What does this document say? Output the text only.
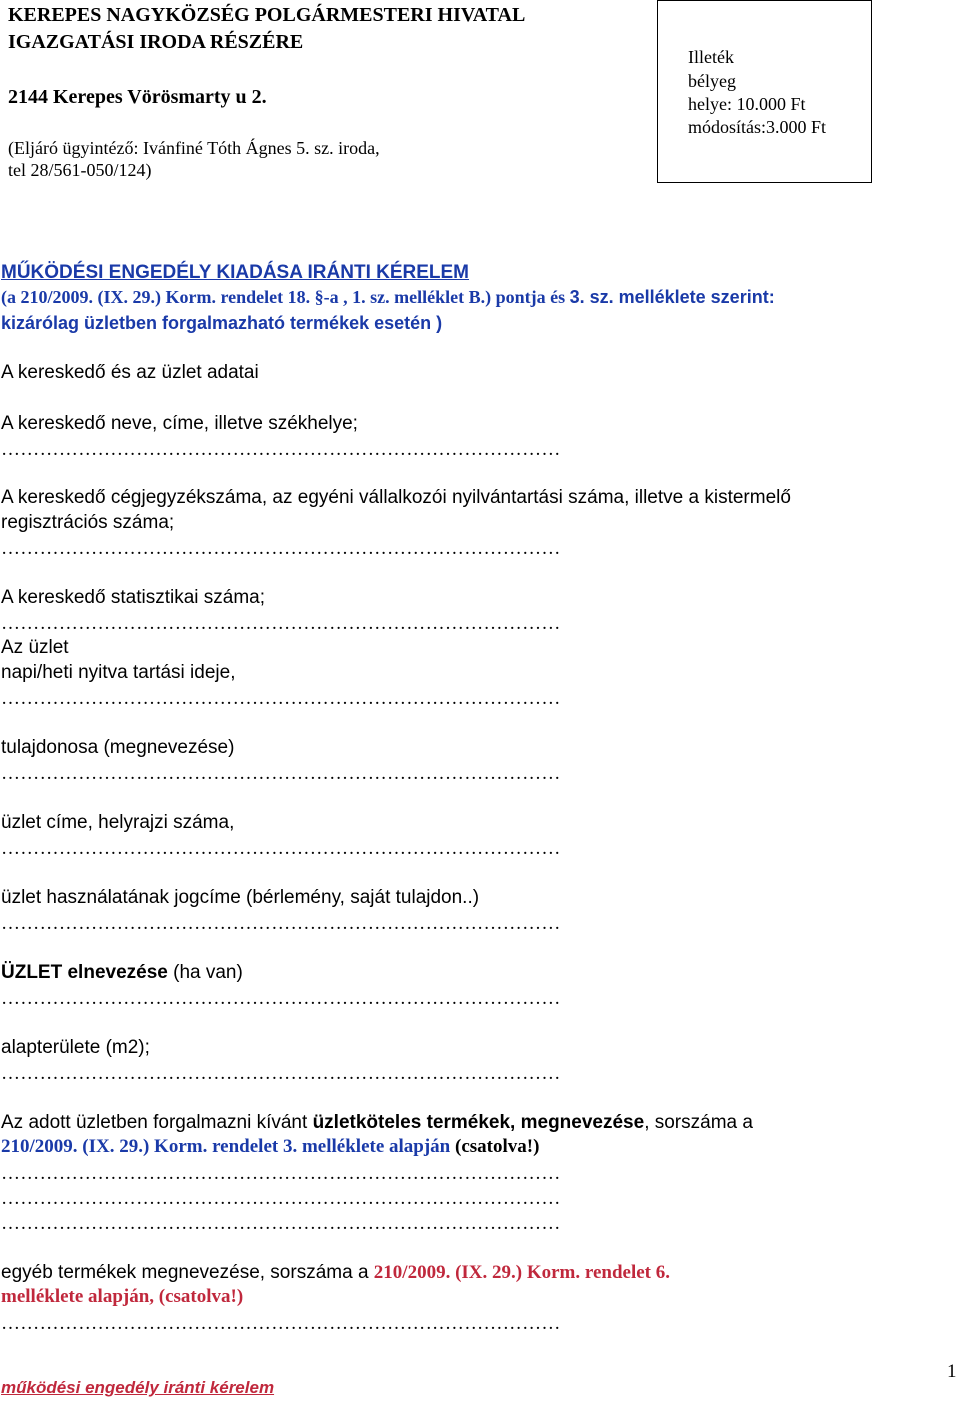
KEREPES NAGYKÖZSÉG POLGÁRMESTERI HIVATAL
IGAZGATÁSI IRODA RÉSZÉRE
2144 Kerepes Vörösmarty u 2.
(Eljáró ügyintéző: Ivánfiné Tóth Ágnes 5. sz. iroda,
tel 28/561-050/124)
Illeték
bélyeg
helye: 10.000 Ft
módosítás:3.000 Ft
MŰKÖDÉSI ENGEDÉLY KIADÁSA IRÁNTI KÉRELEM
(a 210/2009. (IX. 29.) Korm. rendelet 18. §-a , 1. sz. melléklet B.) pontja és 3. sz. melléklete szerint:
kizárólag üzletben forgalmazható termékek esetén )
A kereskedő és az üzlet adatai
A kereskedő neve, címe, illetve székhelye;
……………………………………………………………………………
A kereskedő cégjegyzékszáma, az egyéni vállalkozói nyilvántartási száma, illetve a kistermelő
regisztrációs száma;
……………………………………………………………………………
A kereskedő statisztikai száma;
……………………………………………………………………………
Az üzlet
napi/heti nyitva tartási ideje,
……………………………………………………………………………
tulajdonosa (megnevezése)
……………………………………………………………………………
üzlet címe, helyrajzi száma,
……………………………………………………………………………
üzlet használatának jogcíme (bérlemény, saját tulajdon..)
……………………………………………………………………………
ÜZLET elnevezése (ha van)
……………………………………………………………………………
alapterülete (m2);
……………………………………………………………………………
Az adott üzletben forgalmazni kívánt üzletköteles termékek, megnevezése, sorszáma a
210/2009. (IX. 29.) Korm. rendelet 3. melléklete alapján (csatolva!)
……………………………………………………………………………
……………………………………………………………………………
……………………………………………………………………………
egyéb termékek megnevezése, sorszáma a 210/2009. (IX. 29.) Korm. rendelet 6.
melléklete alapján, (csatolva!)
……………………………………………………………………………
működési engedély iránti kérelem
1
